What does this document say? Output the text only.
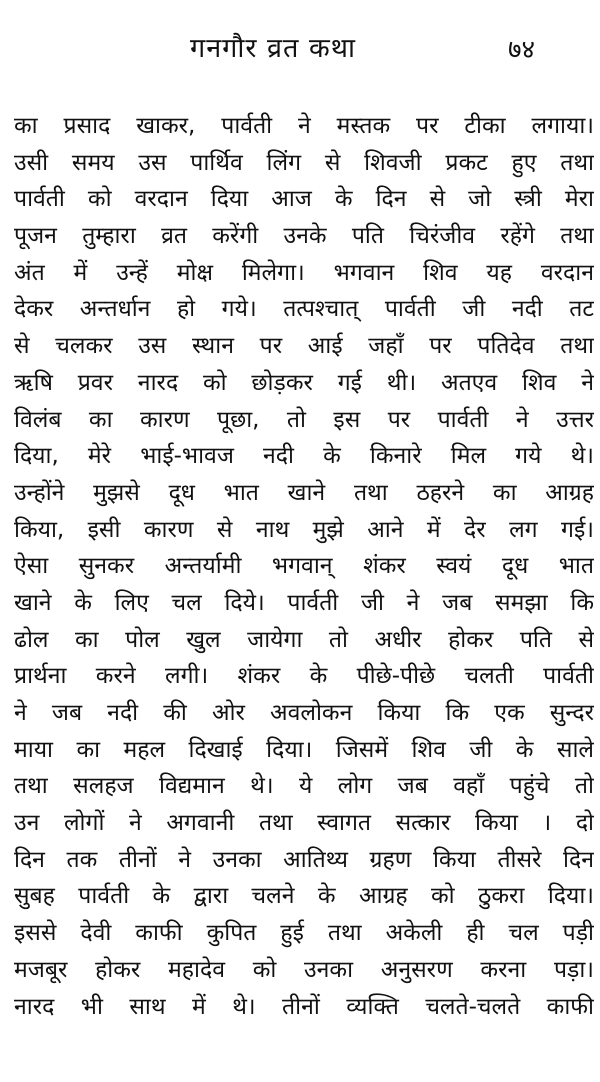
गनगौर व्रत कथा	७४
का प्रसाद खाकर, पार्वती ने मस्तक पर टीका लगाया।
उसी समय उस पार्थिव लिंग से शिवजी प्रकट हुए तथा
पार्वती को वरदान दिया आज के दिन से जो स्त्री मेरा
पूजन तुम्हारा व्रत करेंगी उनके पति चिरंजीव रहेंगे तथा
अंत में उन्हें मोक्ष मिलेगा। भगवान शिव यह वरदान
देकर अन्तर्धान हो गये। तत्पश्चात् पार्वती जी नदी तट
से चलकर उस स्थान पर आई जहाँ पर पतिदेव तथा
ऋषि प्रवर नारद को छोड़कर गई थी। अतएव शिव ने
विलंब का कारण पूछा, तो इस पर पार्वती ने उत्तर
दिया, मेरे भाई-भावज नदी के किनारे मिल गये थे।
उन्होंने मुझसे दूध भात खाने तथा ठहरने का आग्रह
किया, इसी कारण से नाथ मुझे आने में देर लग गई।
ऐसा सुनकर अन्तर्यामी भगवान् शंकर स्वयं दूध भात
खाने के लिए चल दिये। पार्वती जी ने जब समझा कि
ढोल का पोल खुल जायेगा तो अधीर होकर पति से
प्रार्थना करने लगी। शंकर के पीछे-पीछे चलती पार्वती
ने जब नदी की ओर अवलोकन किया कि एक सुन्दर
माया का महल दिखाई दिया। जिसमें शिव जी के साले
तथा सलहज विद्यमान थे। ये लोग जब वहाँ पहुंचे तो
उन लोगों ने अगवानी तथा स्वागत सत्कार किया । दो
दिन तक तीनों ने उनका आतिथ्य ग्रहण किया तीसरे दिन
सुबह पार्वती के द्वारा चलने के आग्रह को ठुकरा दिया।
इससे देवी काफी कुपित हुई तथा अकेली ही चल पड़ी
मजबूर होकर महादेव को उनका अनुसरण करना पड़ा।
नारद भी साथ में थे। तीनों व्यक्ति चलते-चलते काफी
